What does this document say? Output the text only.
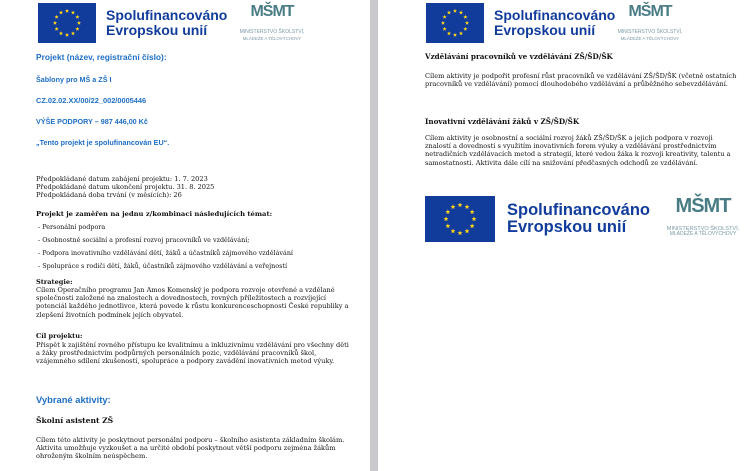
Spolufinancováno
Evropskou unií
MŠMT
MINISTERSTVO ŠKOLSTVÍ,
MLÁDEŽE A TĚLOVÝCHOVY
Projekt (název, registrační číslo):
Šablony pro MŠ a ZŠ I
CZ.02.02.XX/00/22_002/0005446
VÝŠE PODPORY – 987 446,00 Kč
„Tento projekt je spolufinancován EU“.
Předpokládané datum zahájení projektu: 1. 7. 2023
Předpokládané datum ukončení projektu. 31. 8. 2025
Předpokládaná doba trvání (v měsících): 26
Projekt je zaměřen na jednu z/kombinaci následujících témat:
- Personální podpora
- Osobnostně sociální a profesní rozvoj pracovníků ve vzdělávání;
- Podpora inovativního vzdělávání dětí, žáků a účastníků zájmového vzdělávání
- Spolupráce s rodiči dětí, žáků, účastníků zájmového vzdělávání a veřejností
Strategie:
Cílem Operačního programu Jan Amos Komenský je podpora rozvoje otevřené a vzdělané
společnosti založené na znalostech a dovednostech, rovných příležitostech a rozvíjející
potenciál každého jednotlivce, která povede k růstu konkurenceschopnosti České republiky a
zlepšení životních podmínek jejích obyvatel.
Cíl projektu:
Přispět k zajištění rovného přístupu ke kvalitnímu a inkluzivnímu vzdělávání pro všechny děti
a žáky prostřednictvím podpůrných personálních pozic, vzdělávání pracovníků škol,
vzájemného sdílení zkušeností, spolupráce a podpory zavádění inovativních metod výuky.
Vybrané aktivity:
Školní asistent ZŠ
Cílem této aktivity je poskytnout personální podporu – školního asistenta základním školám.
Aktivita umožňuje vyzkoušet a na určité období poskytnout větší podporu zejména žákům
ohroženým školním neúspěchem.
Spolufinancováno
Evropskou unií
MŠMT
MINISTERSTVO ŠKOLSTVÍ,
MLÁDEŽE A TĚLOVÝCHOVY
Vzdělávání pracovníků ve vzdělávání ZŠ/ŠD/ŠK
Cílem aktivity je podpořit profesní růst pracovníků ve vzdělávání ZŠ/ŠD/ŠK (včetně ostatních
pracovníků ve vzdělávání) pomocí dlouhodobého vzdělávání a průběžného sebevzdělávání.
Inovativní vzdělávání žáků v ZŠ/ŠD/ŠK
Cílem aktivity je osobnostní a sociální rozvoj žáků ZŠ/ŠD/ŠK a jejich podpora v rozvoji
znalostí a dovedností s využitím inovativních forem výuky a vzdělávání prostřednictvím
netradičních vzdělávacích metod a strategií, které vedou žáka k rozvoji kreativity, talentu a
samostatnosti. Aktivita dále cílí na snižování předčasných odchodů ze vzdělávání.
Spolufinancováno
Evropskou unií
MŠMT
MINISTERSTVO ŠKOLSTVÍ,
MLÁDEŽE A TĚLOVÝCHOVY
